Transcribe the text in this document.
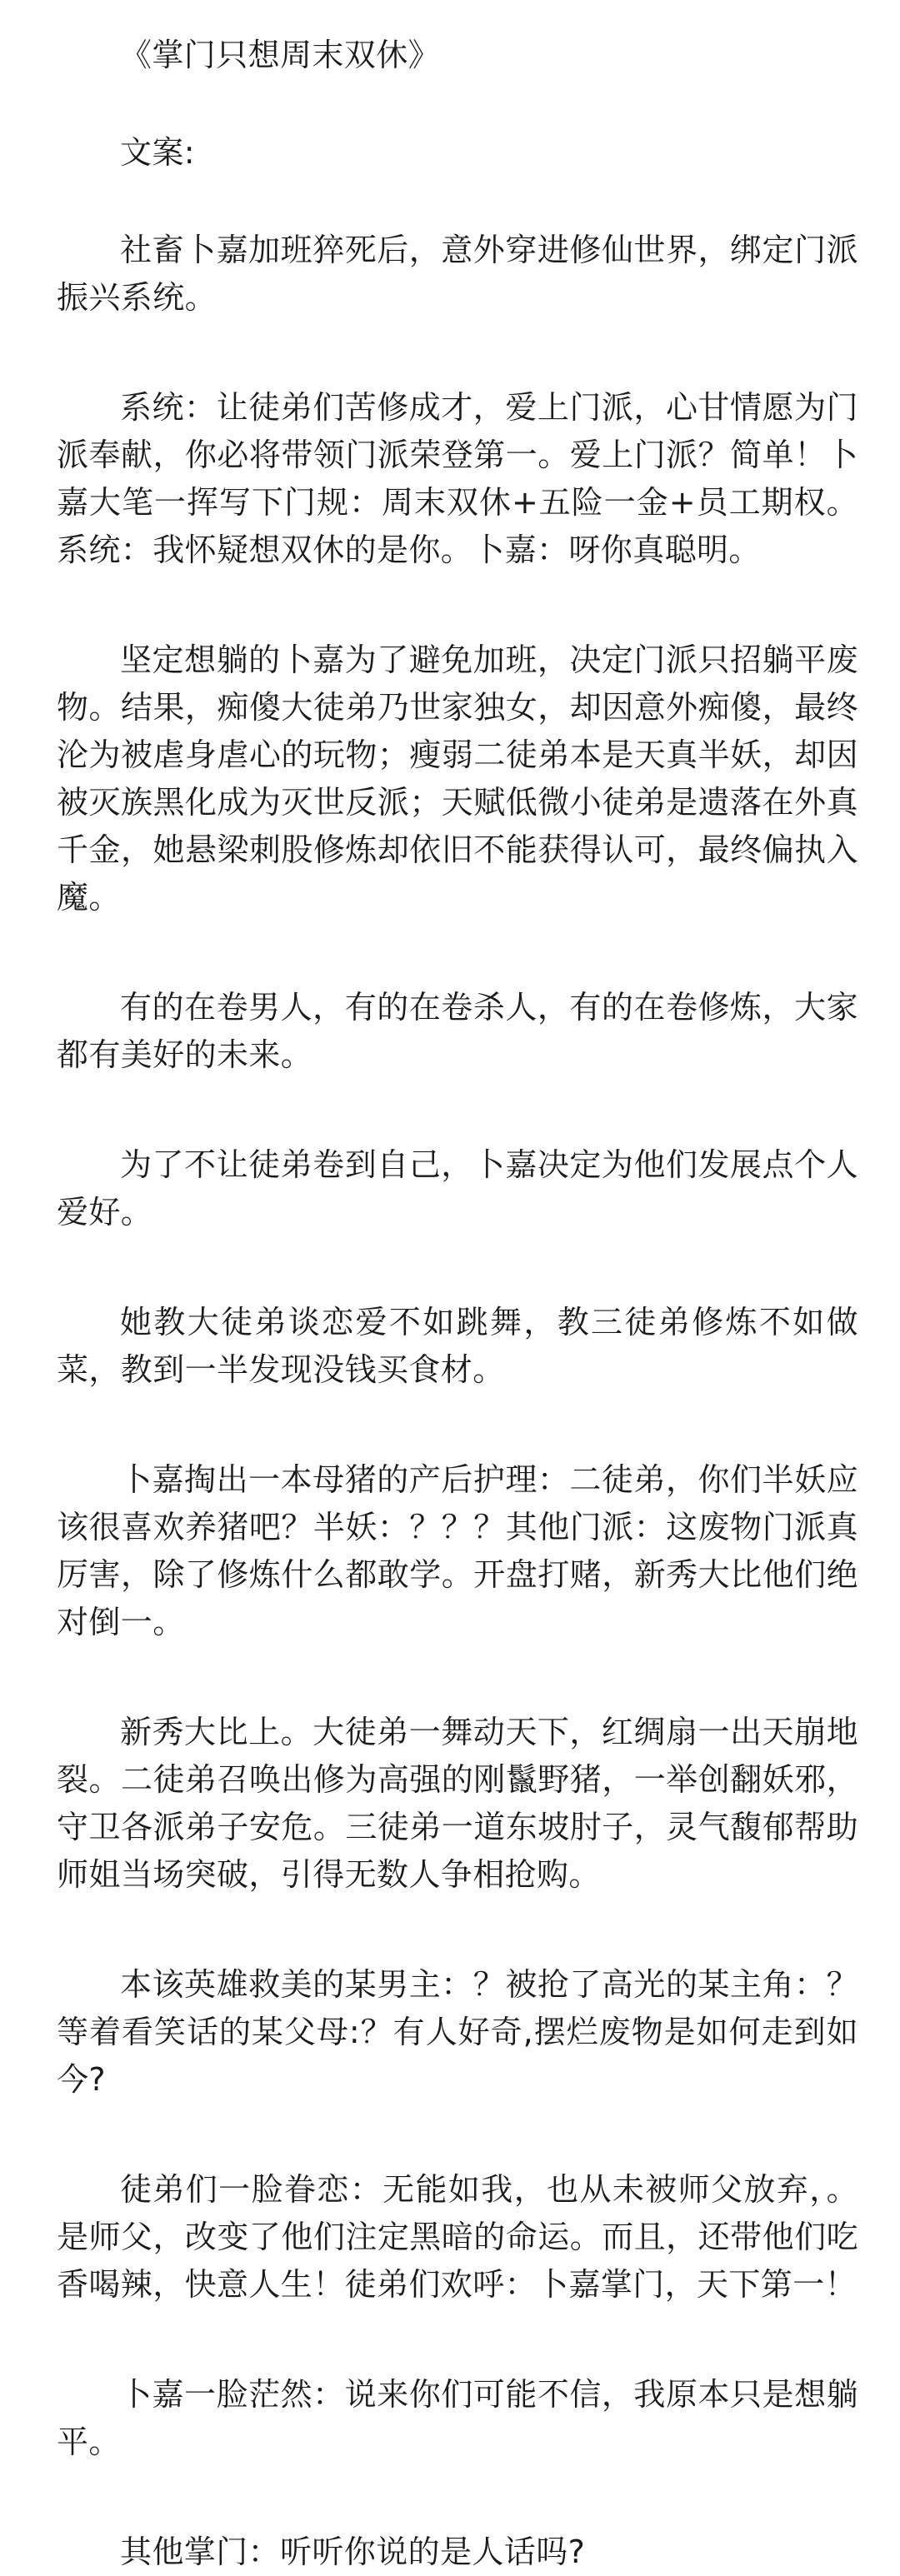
《掌门只想周末双休》

文案:

社畜卜嘉加班猝死后，意外穿进修仙世界，绑定门派振兴系统。

系统：让徒弟们苦修成才，爱上门派，心甘情愿为门派奉献，你必将带领门派荣登第一。爱上门派？简单！卜嘉大笔一挥写下门规：周末双休+五险一金+员工期权。系统：我怀疑想双休的是你。卜嘉：呀你真聪明。

坚定想躺的卜嘉为了避免加班，决定门派只招躺平废物。结果，痴傻大徒弟乃世家独女，却因意外痴傻，最终沦为被虐身虐心的玩物；瘦弱二徒弟本是天真半妖，却因被灭族黑化成为灭世反派；天赋低微小徒弟是遗落在外真千金，她悬梁刺股修炼却依旧不能获得认可，最终偏执入魔。

有的在卷男人，有的在卷杀人，有的在卷修炼，大家都有美好的未来。

为了不让徒弟卷到自己，卜嘉决定为他们发展点个人爱好。

她教大徒弟谈恋爱不如跳舞，教三徒弟修炼不如做菜，教到一半发现没钱买食材。

卜嘉掏出一本母猪的产后护理：二徒弟，你们半妖应该很喜欢养猪吧？半妖：？？？其他门派：这废物门派真厉害，除了修炼什么都敢学。开盘打赌，新秀大比他们绝对倒一。

新秀大比上。大徒弟一舞动天下，红绸扇一出天崩地裂。二徒弟召唤出修为高强的刚鬣野猪，一举创翻妖邪，守卫各派弟子安危。三徒弟一道东坡肘子，灵气馥郁帮助师姐当场突破，引得无数人争相抢购。

本该英雄救美的某男主：？被抢了高光的某主角：？等着看笑话的某父母:？有人好奇,摆烂废物是如何走到如今?

徒弟们一脸眷恋：无能如我，也从未被师父放弃，。是师父，改变了他们注定黑暗的命运。而且，还带他们吃香喝辣，快意人生！徒弟们欢呼：卜嘉掌门，天下第一！

卜嘉一脸茫然：说来你们可能不信，我原本只是想躺平。

其他掌门：听听你说的是人话吗?
